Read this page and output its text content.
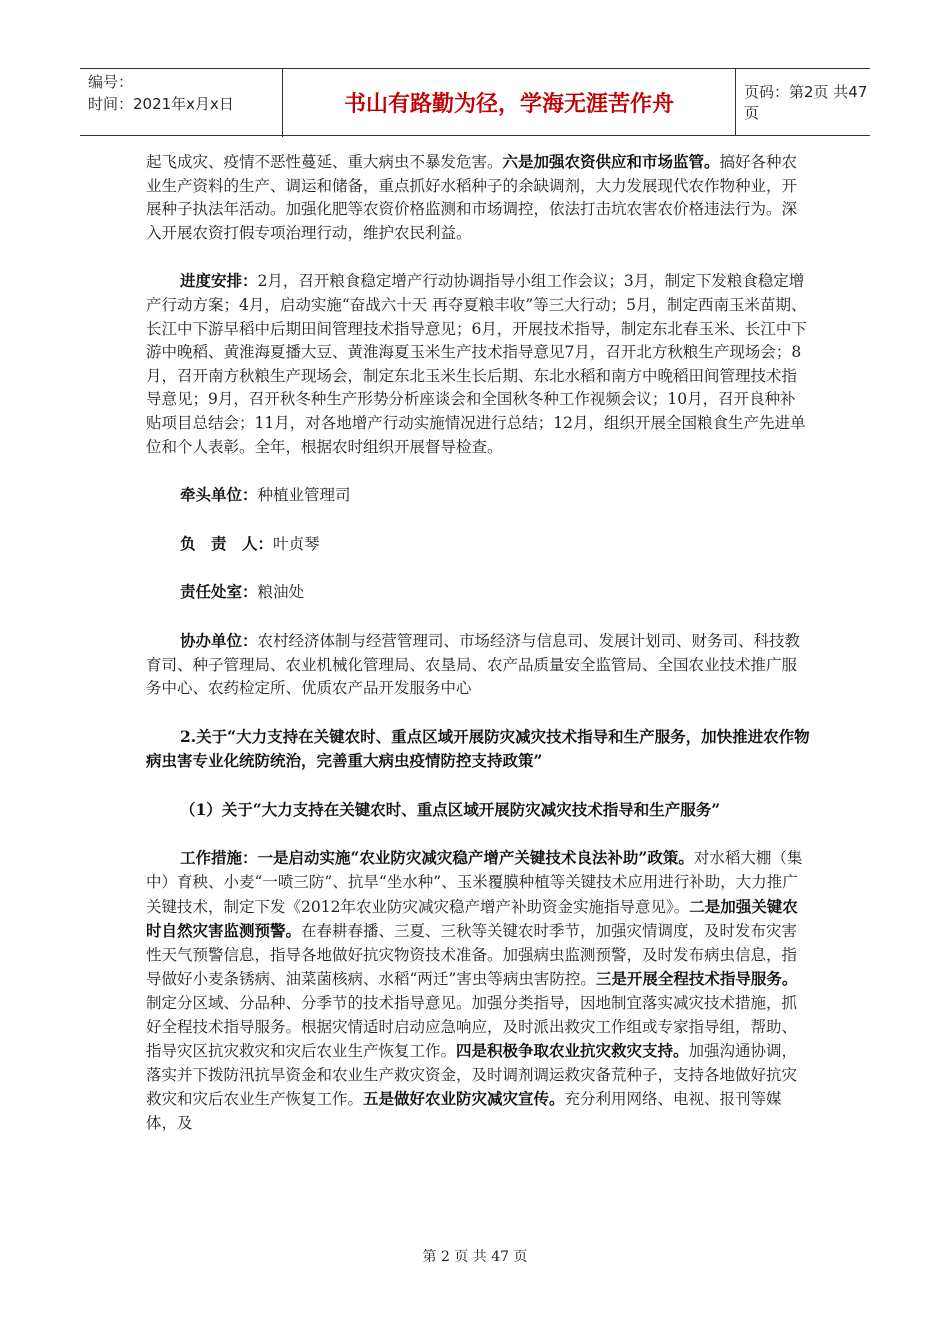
编号：
时间：2021年x月x日	书山有路勤为径，学海无涯苦作舟	页码：第2页 共47页

起飞成灾、疫情不恶性蔓延、重大病虫不暴发危害。六是加强农资供应和市场监管。搞好各种农业生产资料的生产、调运和储备，重点抓好水稻种子的余缺调剂，大力发展现代农作物种业，开展种子执法年活动。加强化肥等农资价格监测和市场调控，依法打击坑农害农价格违法行为。深入开展农资打假专项治理行动，维护农民利益。

进度安排：2月，召开粮食稳定增产行动协调指导小组工作会议；3月，制定下发粮食稳定增产行动方案；4月，启动实施“奋战六十天 再夺夏粮丰收”等三大行动；5月，制定西南玉米苗期、长江中下游早稻中后期田间管理技术指导意见；6月，开展技术指导，制定东北春玉米、长江中下游中晚稻、黄淮海夏播大豆、黄淮海夏玉米生产技术指导意见7月，召开北方秋粮生产现场会；8月，召开南方秋粮生产现场会，制定东北玉米生长后期、东北水稻和南方中晚稻田间管理技术指导意见；9月，召开秋冬种生产形势分析座谈会和全国秋冬种工作视频会议；10月，召开良种补贴项目总结会；11月，对各地增产行动实施情况进行总结；12月，组织开展全国粮食生产先进单位和个人表彰。全年，根据农时组织开展督导检查。

牵头单位：种植业管理司

负　责　人：叶贞琴

责任处室：粮油处

协办单位：农村经济体制与经营管理司、市场经济与信息司、发展计划司、财务司、科技教育司、种子管理局、农业机械化管理局、农垦局、农产品质量安全监管局、全国农业技术推广服务中心、农药检定所、优质农产品开发服务中心

2.关于“大力支持在关键农时、重点区域开展防灾减灾技术指导和生产服务，加快推进农作物病虫害专业化统防统治，完善重大病虫疫情防控支持政策”

（1）关于“大力支持在关键农时、重点区域开展防灾减灾技术指导和生产服务”

工作措施：一是启动实施“农业防灾减灾稳产增产关键技术良法补助”政策。对水稻大棚（集中）育秧、小麦“一喷三防”、抗旱“坐水种”、玉米覆膜种植等关键技术应用进行补助，大力推广关键技术，制定下发《2012年农业防灾减灾稳产增产补助资金实施指导意见》。二是加强关键农时自然灾害监测预警。在春耕春播、三夏、三秋等关键农时季节，加强灾情调度，及时发布灾害性天气预警信息，指导各地做好抗灾物资技术准备。加强病虫监测预警，及时发布病虫信息，指导做好小麦条锈病、油菜菌核病、水稻“两迁”害虫等病虫害防控。三是开展全程技术指导服务。制定分区域、分品种、分季节的技术指导意见。加强分类指导，因地制宜落实减灾技术措施，抓好全程技术指导服务。根据灾情适时启动应急响应，及时派出救灾工作组或专家指导组，帮助、指导灾区抗灾救灾和灾后农业生产恢复工作。四是积极争取农业抗灾救灾支持。加强沟通协调，落实并下拨防汛抗旱资金和农业生产救灾资金，及时调剂调运救灾备荒种子，支持各地做好抗灾救灾和灾后农业生产恢复工作。五是做好农业防灾减灾宣传。充分利用网络、电视、报刊等媒体，及

第 2 页 共 47 页
